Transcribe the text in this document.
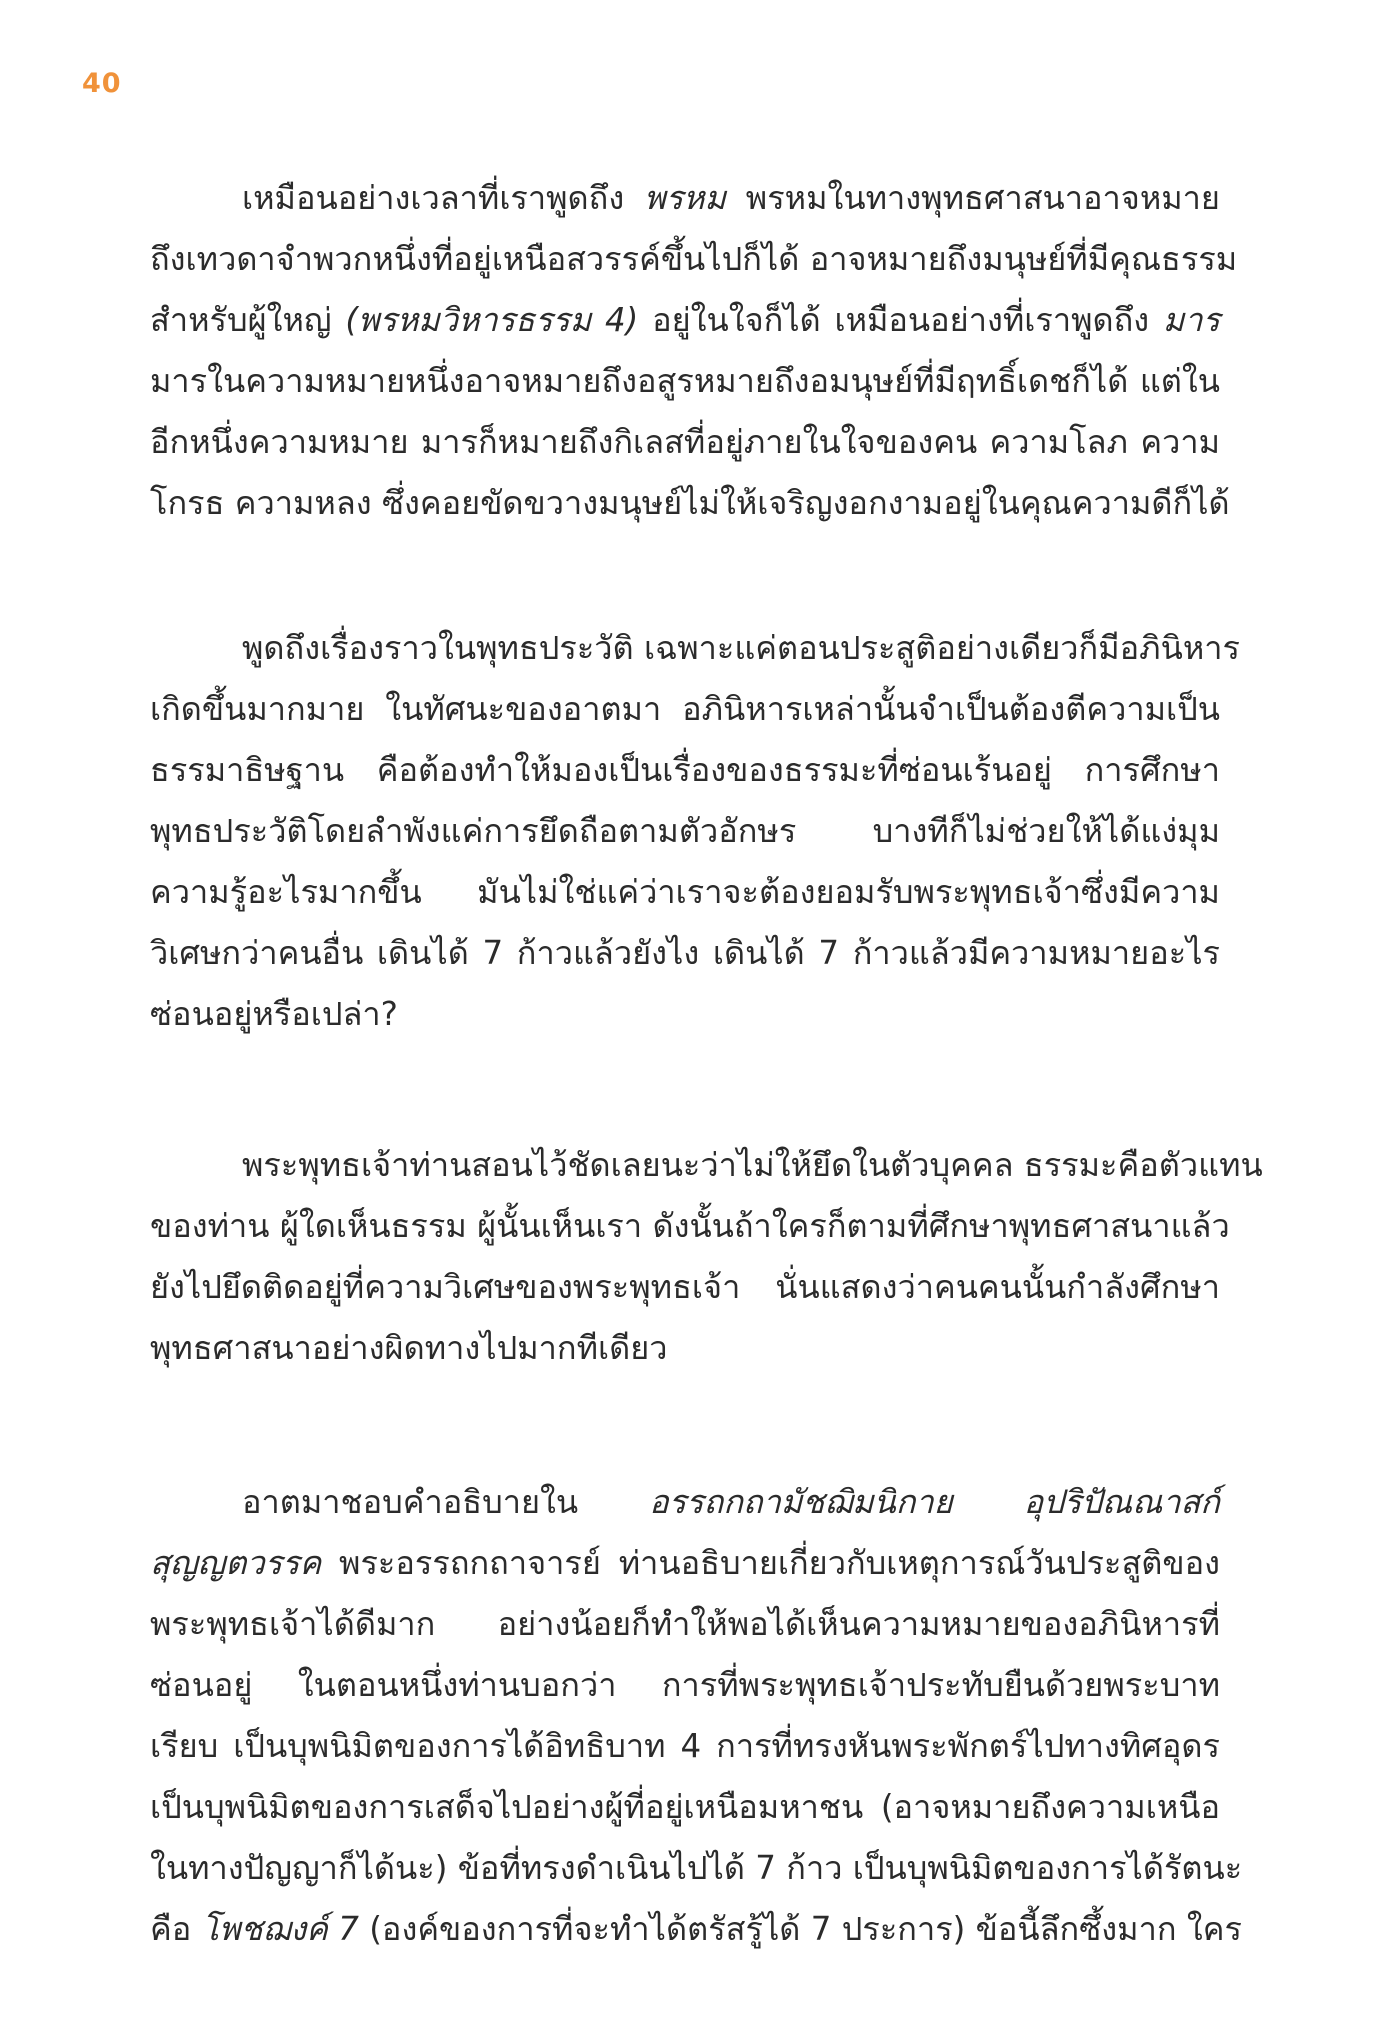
40
เหมือนอย่างเวลาที่เราพูดถึง พรหม พรหมในทางพุทธศาสนาอาจหมาย
ถึงเทวดาจำพวกหนึ่งที่อยู่เหนือสวรรค์ขึ้นไปก็ได้ อาจหมายถึงมนุษย์ที่มีคุณธรรม
สำหรับผู้ใหญ่ (พรหมวิหารธรรม 4) อยู่ในใจก็ได้ เหมือนอย่างที่เราพูดถึง มาร
มารในความหมายหนึ่งอาจหมายถึงอสูรหมายถึงอมนุษย์ที่มีฤทธิ์เดชก็ได้ แต่ใน
อีกหนึ่งความหมาย มารก็หมายถึงกิเลสที่อยู่ภายในใจของคน ความโลภ ความ
โกรธ ความหลง ซึ่งคอยขัดขวางมนุษย์ไม่ให้เจริญงอกงามอยู่ในคุณความดีก็ได้
พูดถึงเรื่องราวในพุทธประวัติ เฉพาะแค่ตอนประสูติอย่างเดียวก็มีอภินิหาร
เกิดขึ้นมากมาย ในทัศนะของอาตมา อภินิหารเหล่านั้นจำเป็นต้องตีความเป็น
ธรรมาธิษฐาน คือต้องทำให้มองเป็นเรื่องของธรรมะที่ซ่อนเร้นอยู่ การศึกษา
พุทธประวัติโดยลำพังแค่การยึดถือตามตัวอักษร บางทีก็ไม่ช่วยให้ได้แง่มุม
ความรู้อะไรมากขึ้น มันไม่ใช่แค่ว่าเราจะต้องยอมรับพระพุทธเจ้าซึ่งมีความ
วิเศษกว่าคนอื่น เดินได้ 7 ก้าวแล้วยังไง เดินได้ 7 ก้าวแล้วมีความหมายอะไร
ซ่อนอยู่หรือเปล่า?
พระพุทธเจ้าท่านสอนไว้ชัดเลยนะว่าไม่ให้ยึดในตัวบุคคล ธรรมะคือตัวแทน
ของท่าน ผู้ใดเห็นธรรม ผู้นั้นเห็นเรา ดังนั้นถ้าใครก็ตามที่ศึกษาพุทธศาสนาแล้ว
ยังไปยึดติดอยู่ที่ความวิเศษของพระพุทธเจ้า นั่นแสดงว่าคนคนนั้นกำลังศึกษา
พุทธศาสนาอย่างผิดทางไปมากทีเดียว
อาตมาชอบคำอธิบายใน อรรถกถามัชฌิมนิกาย อุปริปัณณาสก์
สุญญตวรรค พระอรรถกถาจารย์ ท่านอธิบายเกี่ยวกับเหตุการณ์วันประสูติของ
พระพุทธเจ้าได้ดีมาก อย่างน้อยก็ทำให้พอได้เห็นความหมายของอภินิหารที่
ซ่อนอยู่ ในตอนหนึ่งท่านบอกว่า การที่พระพุทธเจ้าประทับยืนด้วยพระบาท
เรียบ เป็นบุพนิมิตของการได้อิทธิบาท 4 การที่ทรงหันพระพักตร์ไปทางทิศอุดร
เป็นบุพนิมิตของการเสด็จไปอย่างผู้ที่อยู่เหนือมหาชน (อาจหมายถึงความเหนือ
ในทางปัญญาก็ได้นะ) ข้อที่ทรงดำเนินไปได้ 7 ก้าว เป็นบุพนิมิตของการได้รัตนะ
คือ โพชฌงค์ 7 (องค์ของการที่จะทำได้ตรัสรู้ได้ 7 ประการ) ข้อนี้ลึกซึ้งมาก ใคร
